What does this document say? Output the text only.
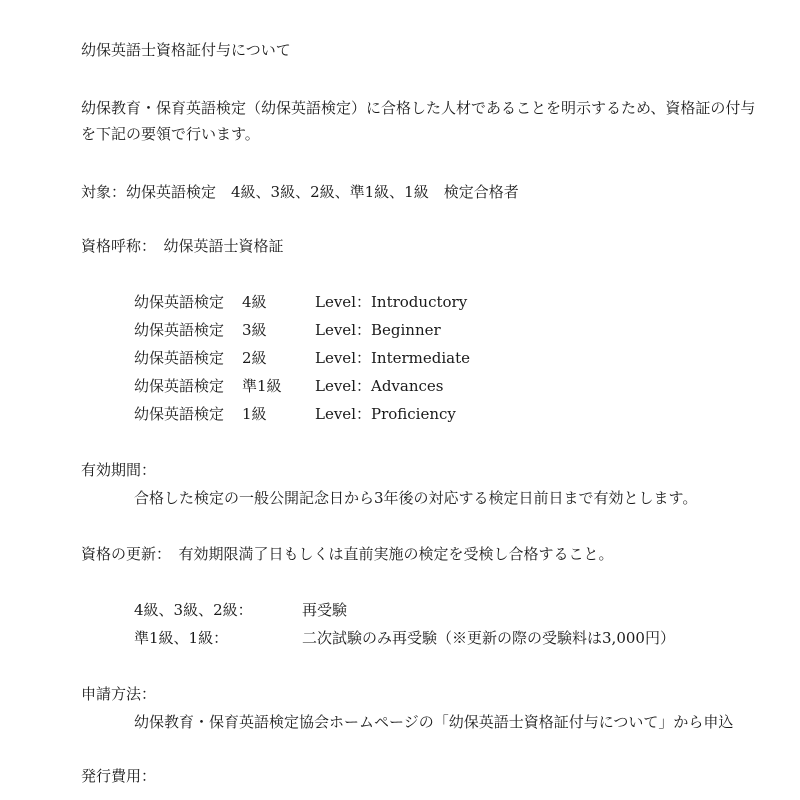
幼保英語士資格証付与について
幼保教育・保育英語検定（幼保英語検定）に合格した人材であることを明示するため、資格証の付与
を下記の要領で行います。
対象：幼保英語検定　4級、3級、2級、準1級、1級　検定合格者
資格呼称：　幼保英語士資格証
幼保英語検定 4級	Level：Introductory
幼保英語検定 3級	Level：Beginner
幼保英語検定 2級	Level：Intermediate
幼保英語検定 準1級 Level：Advances
幼保英語検定 1級	Level：Proficiency
有効期間：
合格した検定の一般公開記念日から3年後の対応する検定日前日まで有効とします。
資格の更新：　有効期限満了日もしくは直前実施の検定を受検し合格すること。
4級、3級、2級：	再受験
準1級、1級：	二次試験のみ再受験（※更新の際の受験料は3,000円）
申請方法：
幼保教育・保育英語検定協会ホームページの「幼保英語士資格証付与について」から申込
発行費用：
